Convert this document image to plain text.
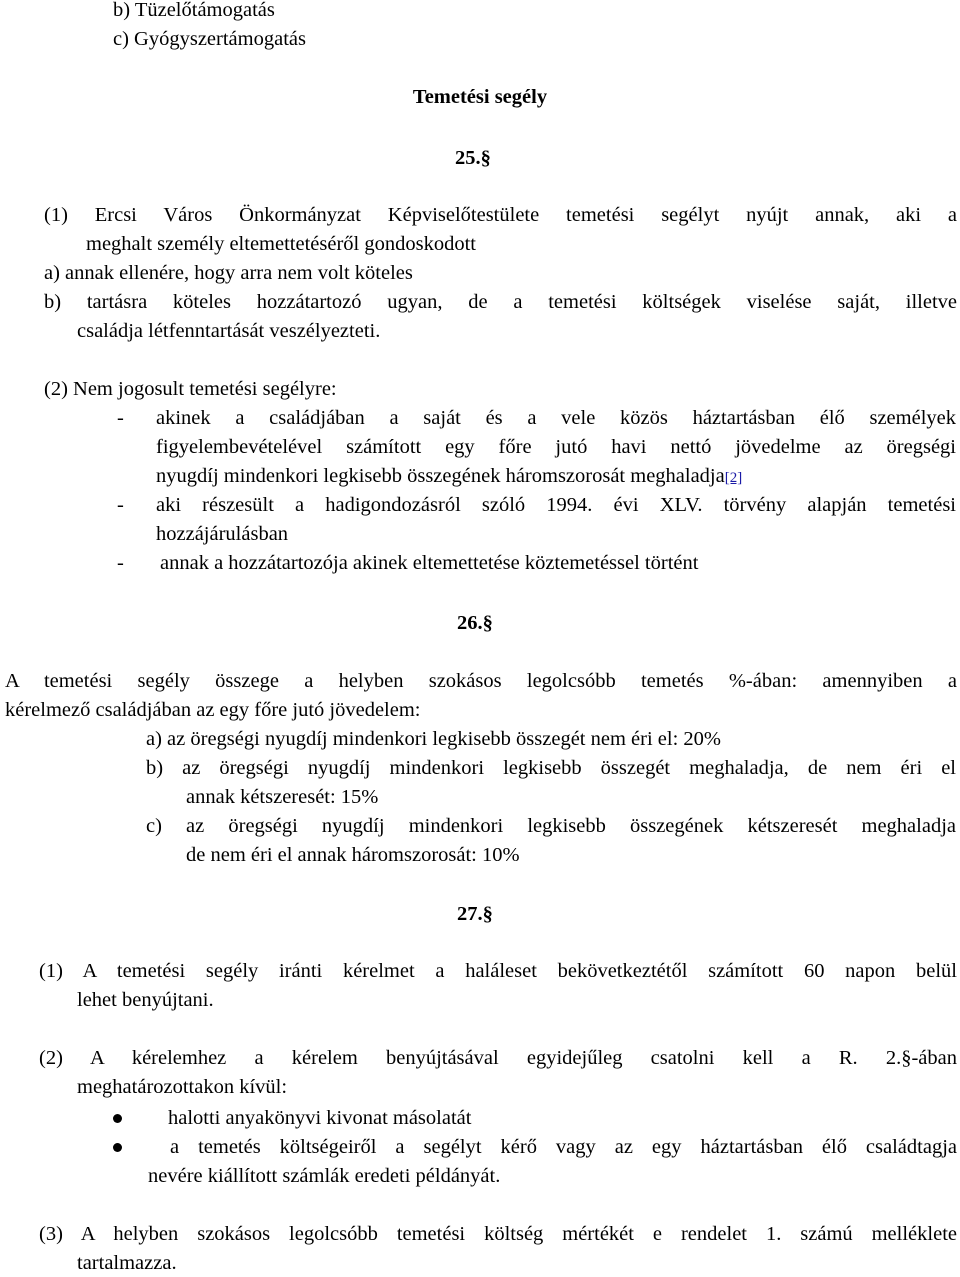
b) Tüzelőtámogatás
c) Gyógyszertámogatás
Temetési segély
25.§
(1) Ercsi Város Önkormányzat Képviselőtestülete temetési segélyt nyújt annak, aki a
meghalt személy eltemettetéséről gondoskodott
a) annak ellenére, hogy arra nem volt köteles
b) tartásra köteles hozzátartozó ugyan, de a temetési költségek viselése saját, illetve
családja létfenntartását veszélyezteti.
(2) Nem jogosult temetési segélyre:
- akinek a családjában a saját és a vele közös háztartásban élő személyek
figyelembevételével számított egy főre jutó havi nettó jövedelme az öregségi
nyugdíj mindenkori legkisebb összegének háromszorosát meghaladja[2]
- aki részesült a hadigondozásról szóló 1994. évi XLV. törvény alapján temetési
hozzájárulásban
- annak a hozzátartozója akinek eltemettetése köztemetéssel történt
26.§
A temetési segély összege a helyben szokásos legolcsóbb temetés %-ában: amennyiben a
kérelmező családjában az egy főre jutó jövedelem:
a) az öregségi nyugdíj mindenkori legkisebb összegét nem éri el: 20%
b) az öregségi nyugdíj mindenkori legkisebb összegét meghaladja, de nem éri el
annak kétszeresét: 15%
c) az öregségi nyugdíj mindenkori legkisebb összegének kétszeresét meghaladja
de nem éri el annak háromszorosát: 10%
27.§
(1) A temetési segély iránti kérelmet a haláleset bekövetkeztétől számított 60 napon belül
lehet benyújtani.
(2) A kérelemhez a kérelem benyújtásával egyidejűleg csatolni kell a R. 2.§-ában
meghatározottakon kívül:
halotti anyakönyvi kivonat másolatát
a temetés költségeiről a segélyt kérő vagy az egy háztartásban élő családtagja
nevére kiállított számlák eredeti példányát.
(3) A helyben szokásos legolcsóbb temetési költség mértékét e rendelet 1. számú melléklete
tartalmazza.
